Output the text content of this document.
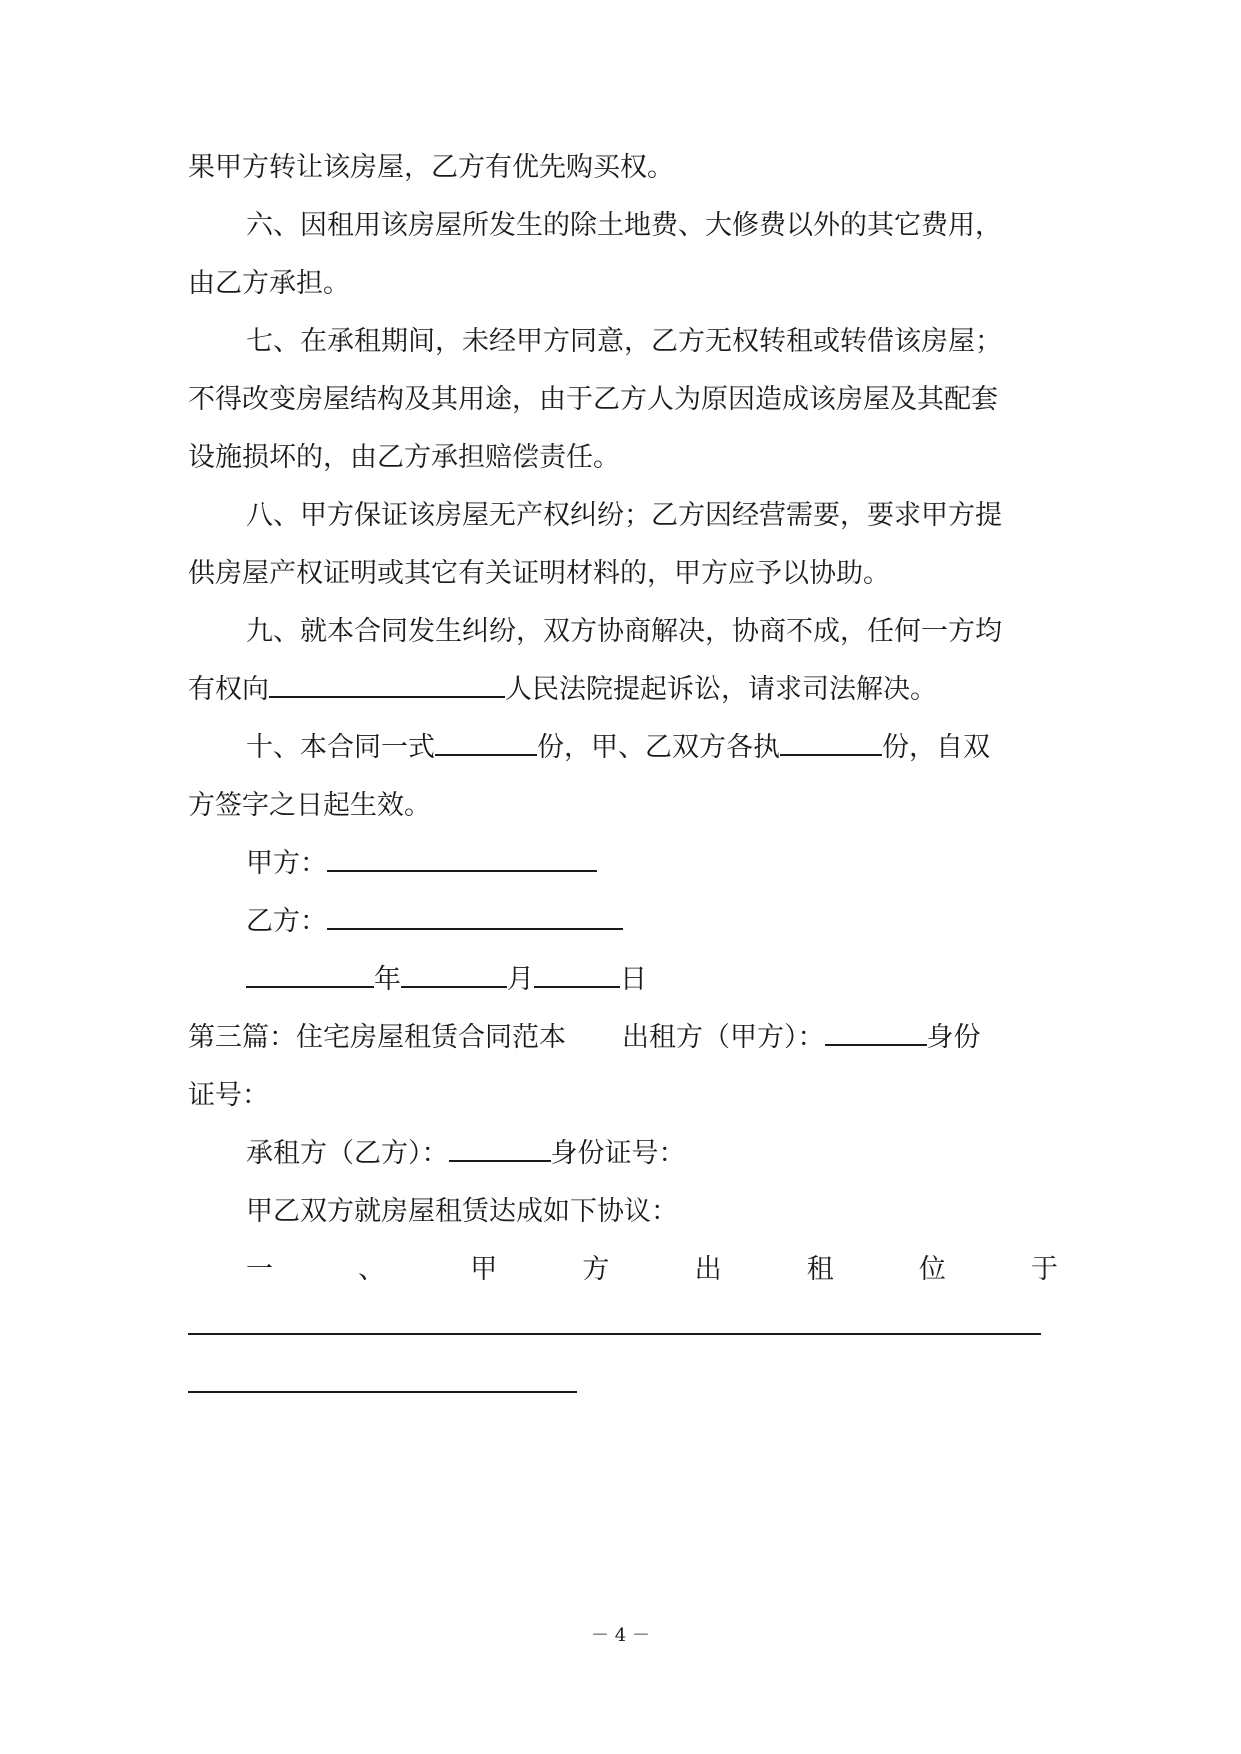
果甲方转让该房屋，乙方有优先购买权。
六、因租用该房屋所发生的除土地费、大修费以外的其它费用，
由乙方承担。
七、在承租期间，未经甲方同意，乙方无权转租或转借该房屋；
不得改变房屋结构及其用途，由于乙方人为原因造成该房屋及其配套
设施损坏的，由乙方承担赔偿责任。
八、甲方保证该房屋无产权纠纷；乙方因经营需要，要求甲方提
供房屋产权证明或其它有关证明材料的，甲方应予以协助。
九、就本合同发生纠纷，双方协商解决，协商不成，任何一方均
有权向	人民法院提起诉讼，请求司法解决。
十、本合同一式	份，甲、乙双方各执	份，自双
方签字之日起生效。
甲方：
乙方：
年	月	日
第三篇：住宅房屋租赁合同范本 出租方（甲方）：	身份
证号：
承租方（乙方）：	身份证号：
甲乙双方就房屋租赁达成如下协议：
一	、	甲	方	出	租	位	于
－ 4 －
